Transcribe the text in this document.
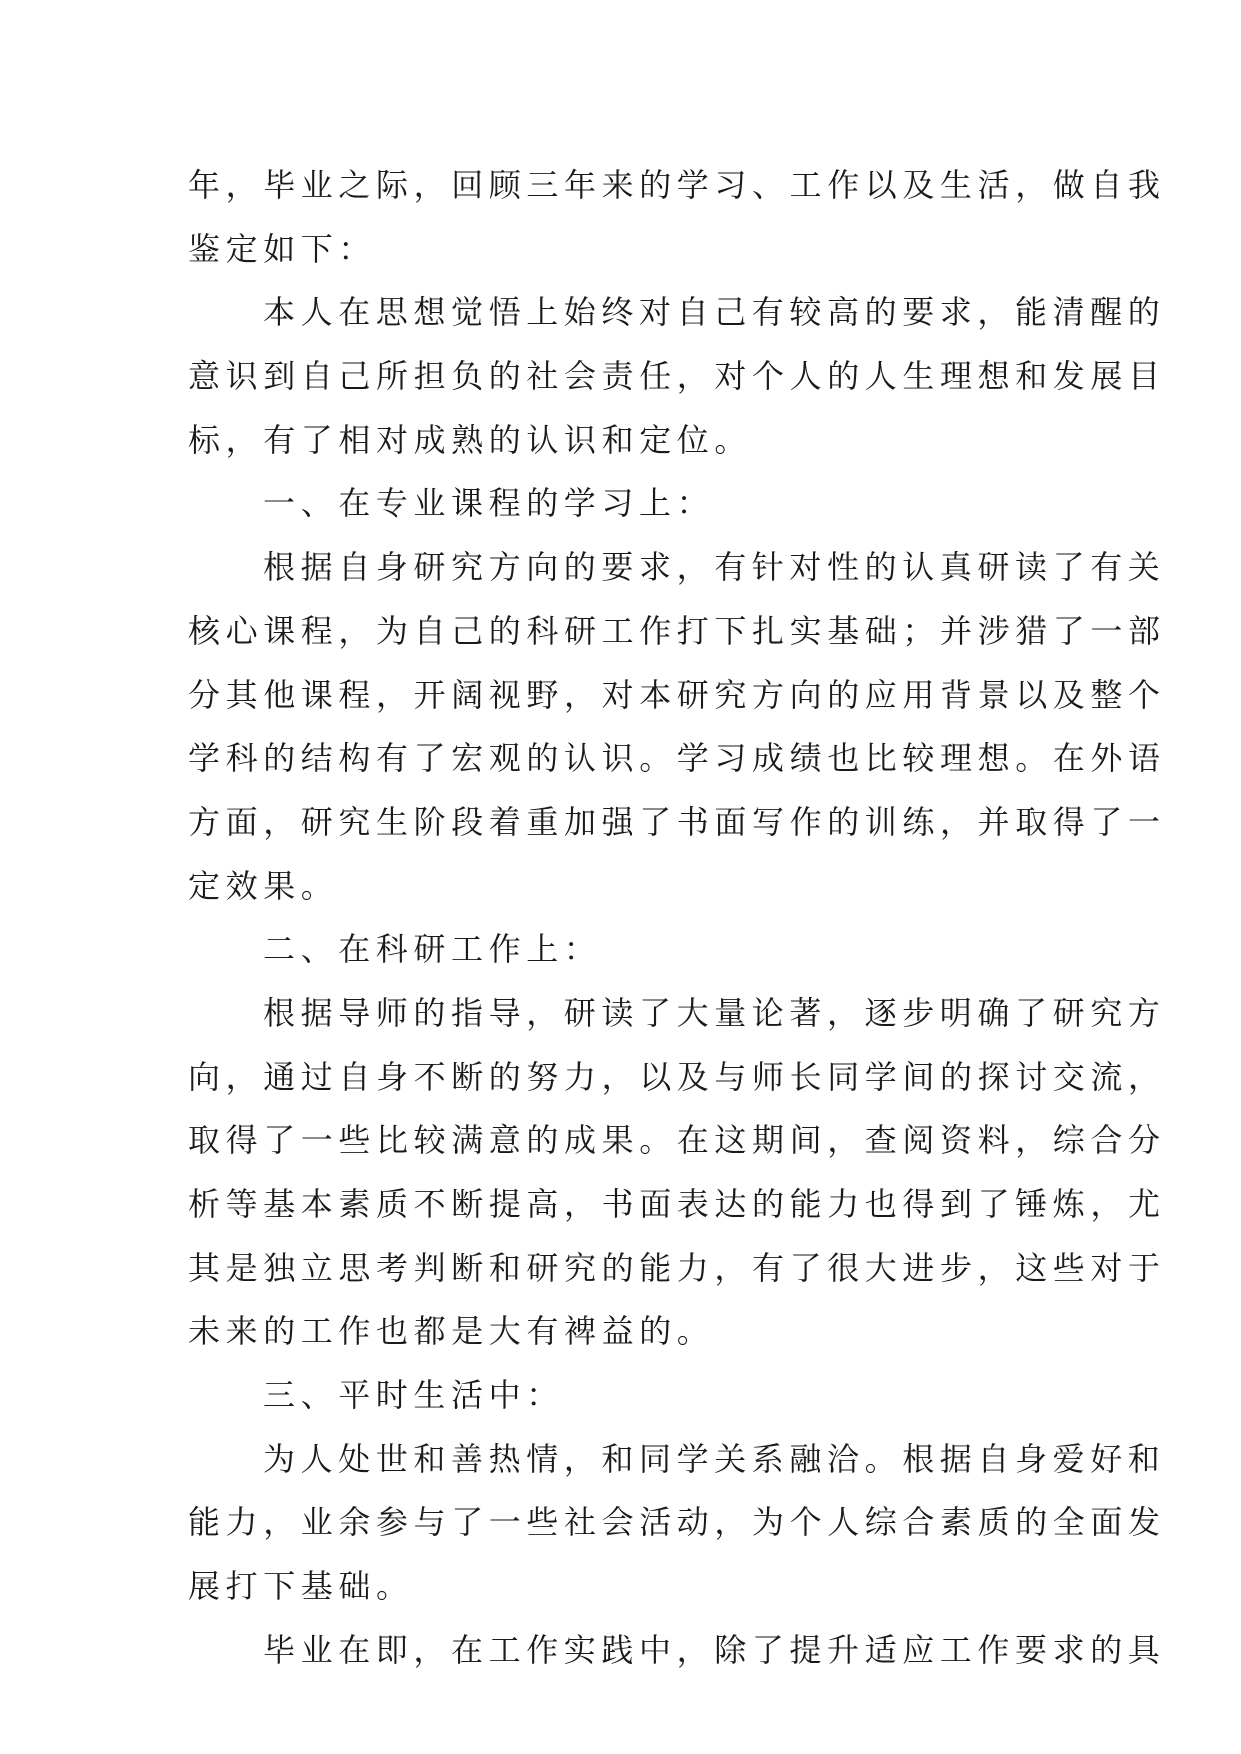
年，毕业之际，回顾三年来的学习、工作以及生活，做自我
鉴定如下：
本人在思想觉悟上始终对自己有较高的要求，能清醒的
意识到自己所担负的社会责任，对个人的人生理想和发展目
标，有了相对成熟的认识和定位。
一、在专业课程的学习上：
根据自身研究方向的要求，有针对性的认真研读了有关
核心课程，为自己的科研工作打下扎实基础；并涉猎了一部
分其他课程，开阔视野，对本研究方向的应用背景以及整个
学科的结构有了宏观的认识。学习成绩也比较理想。在外语
方面，研究生阶段着重加强了书面写作的训练，并取得了一
定效果。
二、在科研工作上：
根据导师的指导，研读了大量论著，逐步明确了研究方
向，通过自身不断的努力，以及与师长同学间的探讨交流，
取得了一些比较满意的成果。在这期间，查阅资料，综合分
析等基本素质不断提高，书面表达的能力也得到了锤炼，尤
其是独立思考判断和研究的能力，有了很大进步，这些对于
未来的工作也都是大有裨益的。
三、平时生活中：
为人处世和善热情，和同学关系融洽。根据自身爱好和
能力，业余参与了一些社会活动，为个人综合素质的全面发
展打下基础。
毕业在即，在工作实践中，除了提升适应工作要求的具
